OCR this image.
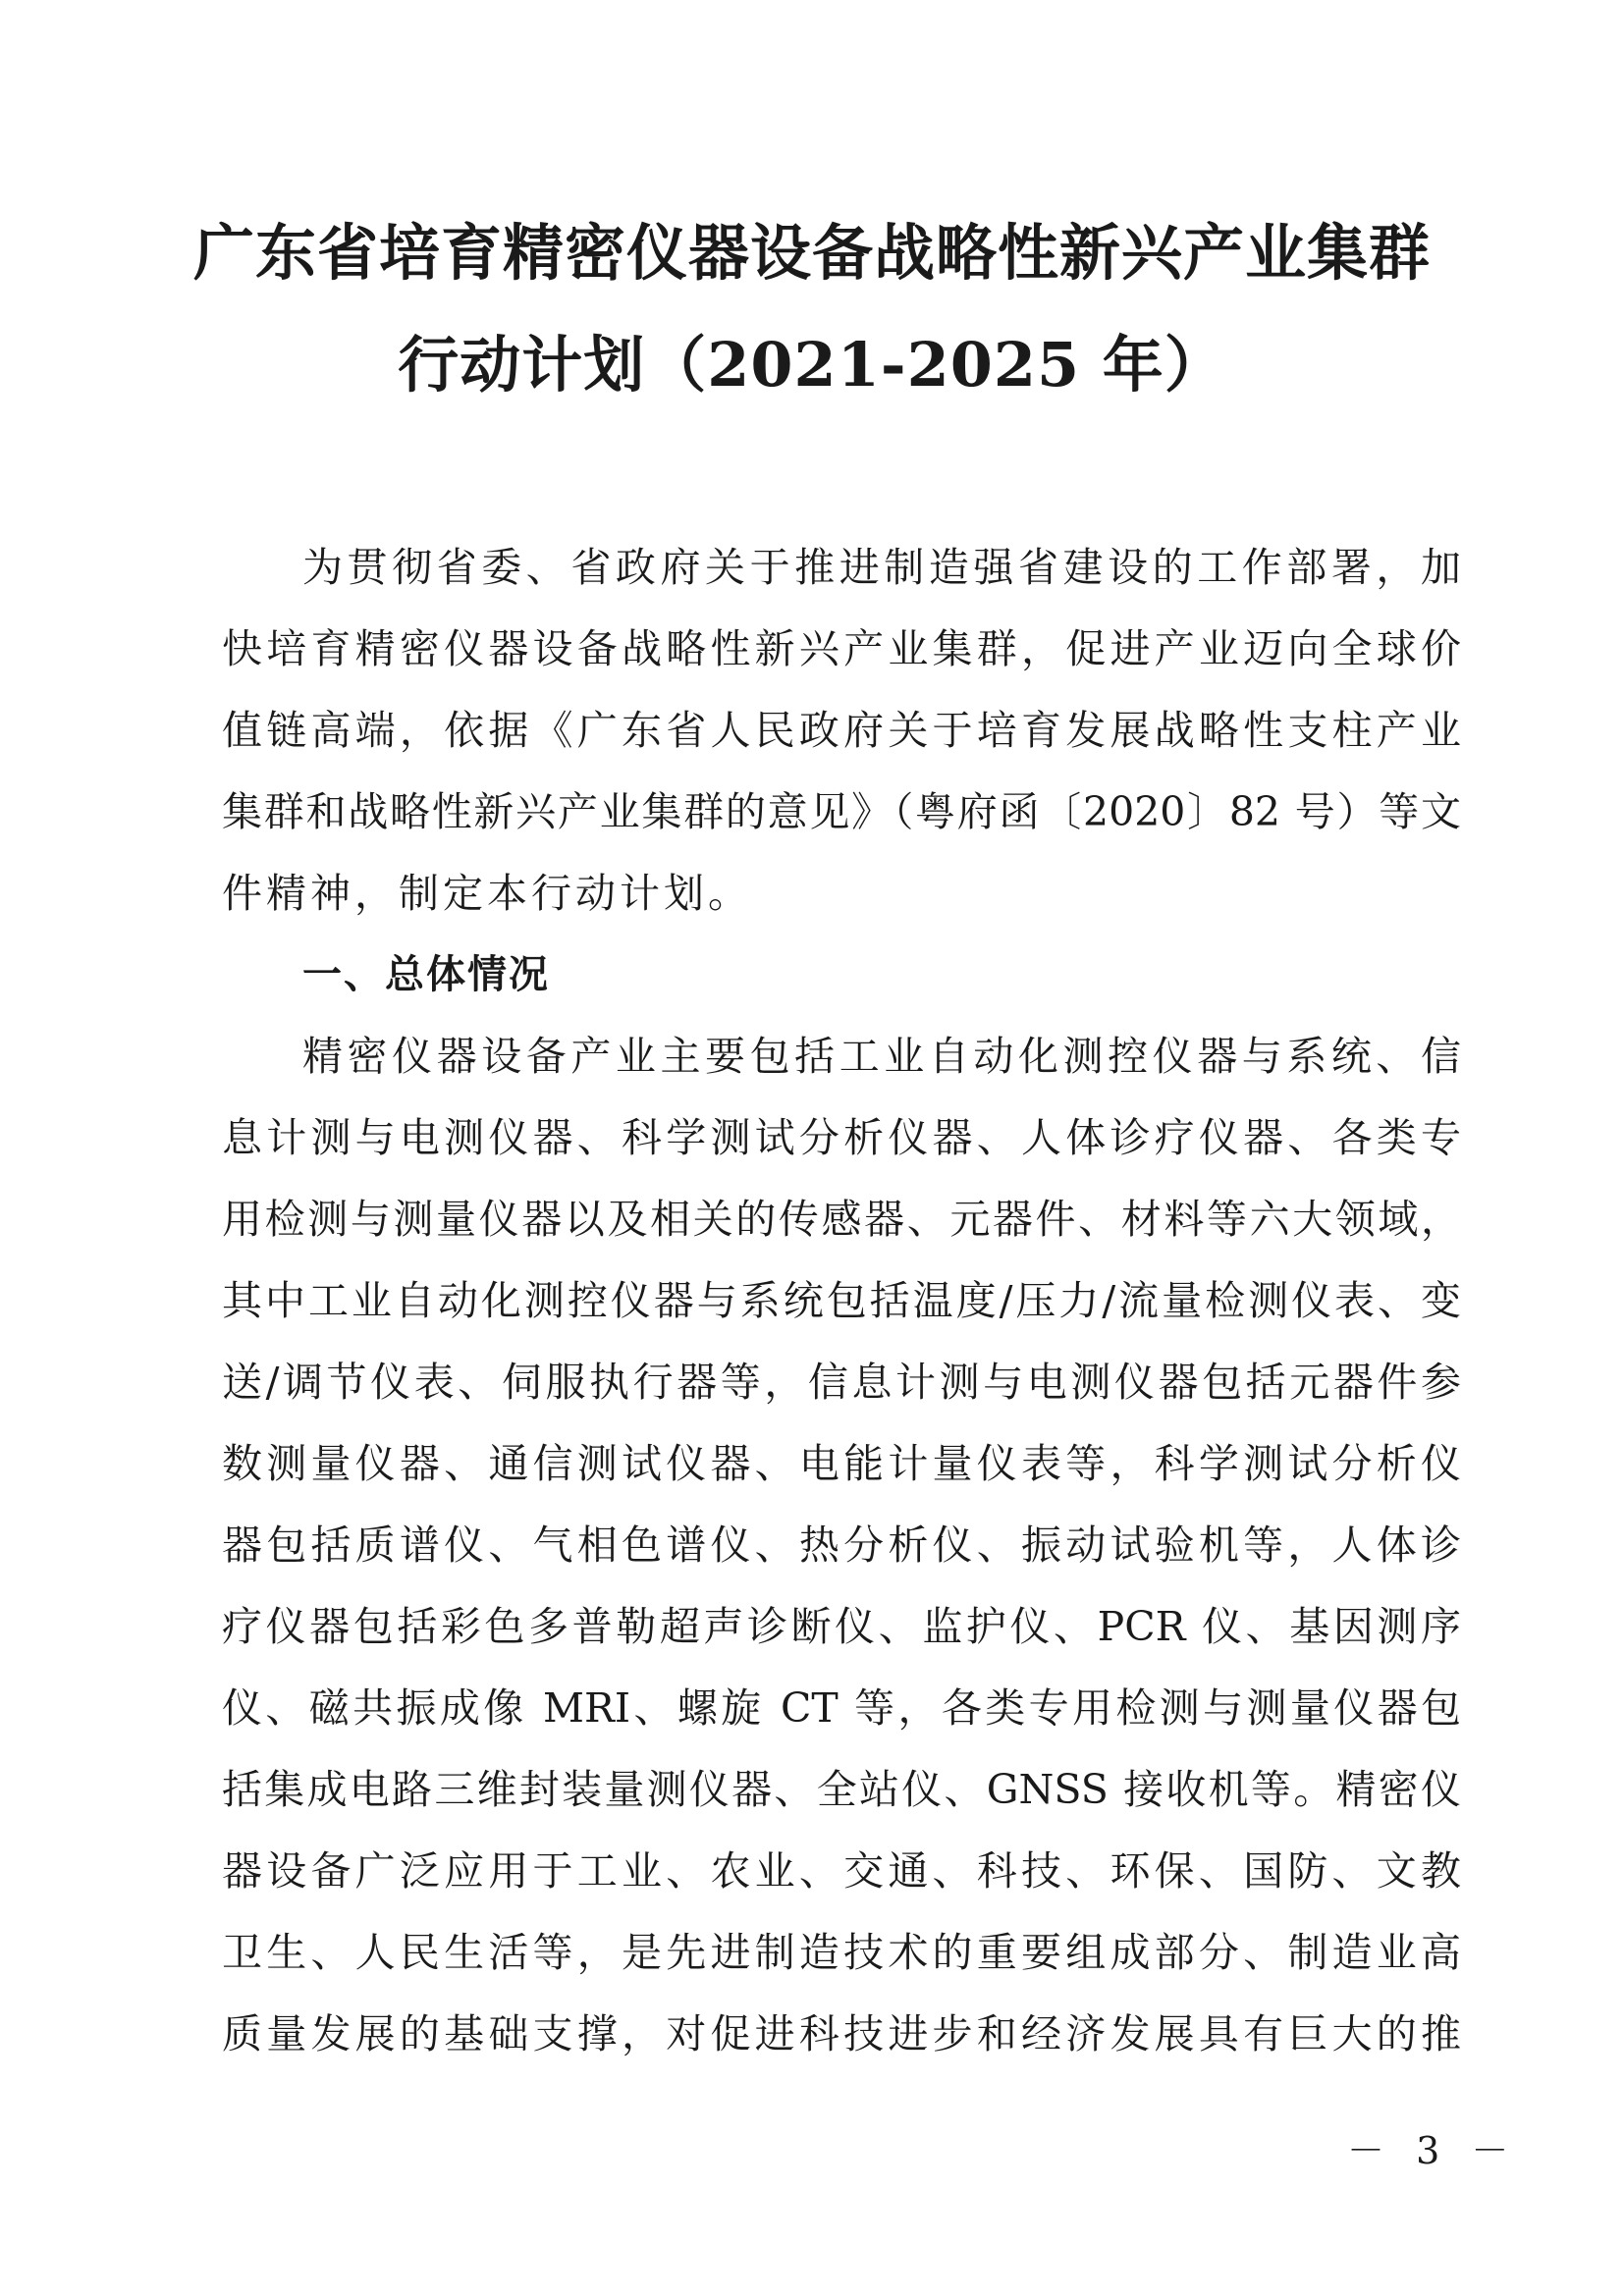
广东省培育精密仪器设备战略性新兴产业集群
行动计划（2021-2025 年）
为贯彻省委、省政府关于推进制造强省建设的工作部署，加
快培育精密仪器设备战略性新兴产业集群，促进产业迈向全球价
值链高端，依据《广东省人民政府关于培育发展战略性支柱产业
集群和战略性新兴产业集群的意见》（粤府函〔2020〕82 号）等文
件精神，制定本行动计划。
一、总体情况
精密仪器设备产业主要包括工业自动化测控仪器与系统、信
息计测与电测仪器、科学测试分析仪器、人体诊疗仪器、各类专
用检测与测量仪器以及相关的传感器、元器件、材料等六大领域，
其中工业自动化测控仪器与系统包括温度/压力/流量检测仪表、变
送/调节仪表、伺服执行器等，信息计测与电测仪器包括元器件参
数测量仪器、通信测试仪器、电能计量仪表等，科学测试分析仪
器包括质谱仪、气相色谱仪、热分析仪、振动试验机等，人体诊
疗仪器包括彩色多普勒超声诊断仪、监护仪、PCR 仪、基因测序
仪、磁共振成像 MRI、螺旋 CT 等，各类专用检测与测量仪器包
括集成电路三维封装量测仪器、全站仪、GNSS 接收机等。精密仪
器设备广泛应用于工业、农业、交通、科技、环保、国防、文教
卫生、人民生活等，是先进制造技术的重要组成部分、制造业高
质量发展的基础支撑，对促进科技进步和经济发展具有巨大的推
－ 3 －
